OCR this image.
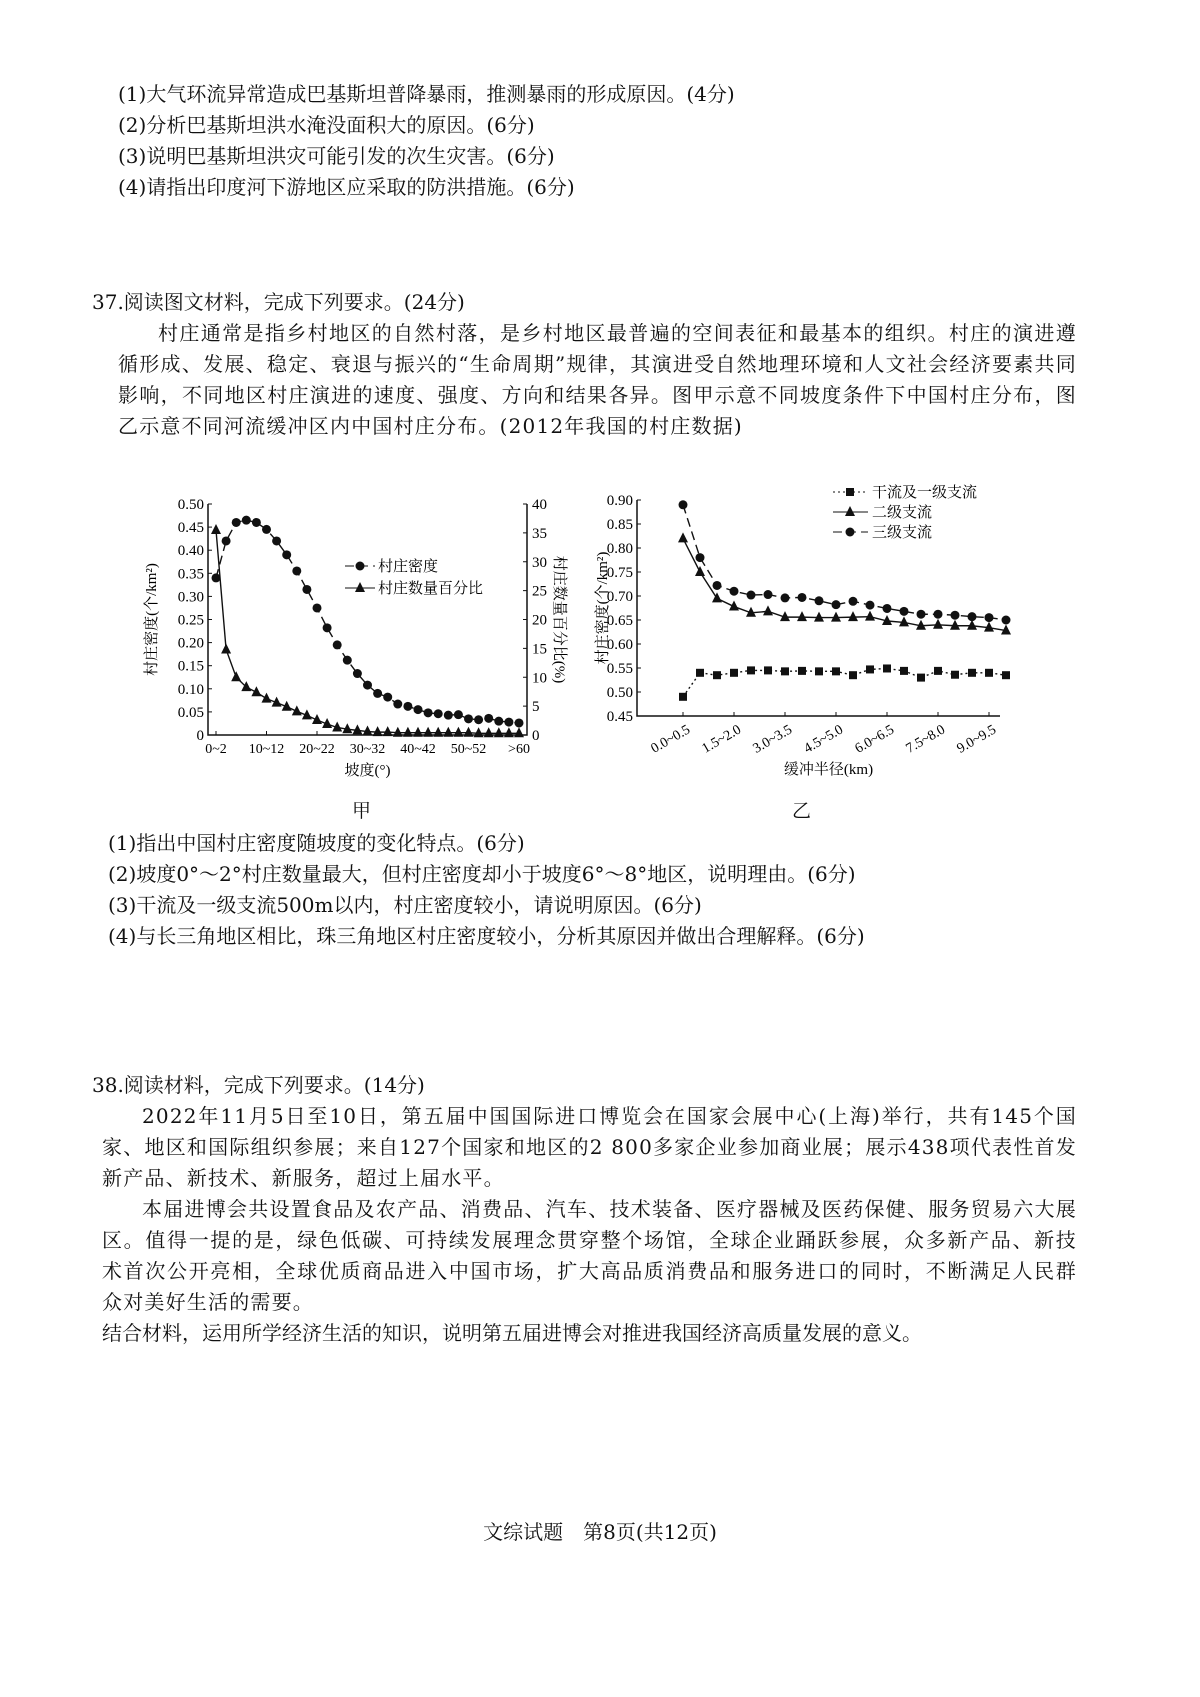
(1)大气环流异常造成巴基斯坦普降暴雨，推测暴雨的形成原因。(4分)
(2)分析巴基斯坦洪水淹没面积大的原因。(6分)
(3)说明巴基斯坦洪灾可能引发的次生灾害。(6分)
(4)请指出印度河下游地区应采取的防洪措施。(6分)
37.阅读图文材料，完成下列要求。(24分)
村庄通常是指乡村地区的自然村落，是乡村地区最普遍的空间表征和最基本的组织。村庄的演进遵循形成、发展、稳定、衰退与振兴的“生命周期”规律，其演进受自然地理环境和人文社会经济要素共同影响，不同地区村庄演进的速度、强度、方向和结果各异。图甲示意不同坡度条件下中国村庄分布，图乙示意不同河流缓冲区内中国村庄分布。(2012年我国的村庄数据)
0
0.05
0.10
0.15
0.20
0.25
0.30
0.35
0.40
0.45
0.50
0
5
10
15
20
25
30
35
40
0~2 10~12 20~22 30~32 40~42 50~52 >60
坡度(°)
村庄密度(个/km²)	村庄数量百分比(%)
村庄密度
村庄数量百分比
0.45
0.50
0.55
0.60
0.65
0.70
0.75
0.80
0.85
0.90
0.0~0.5 1.5~2.0 3.0~3.5 4.5~5.0 6.0~6.5 7.5~8.0 9.0~9.5
缓冲半径(km)
村庄密度(个/km²)
干流及一级支流
二级支流
三级支流
甲	乙
(1)指出中国村庄密度随坡度的变化特点。(6分)
(2)坡度0°～2°村庄数量最大，但村庄密度却小于坡度6°～8°地区，说明理由。(6分)
(3)干流及一级支流500m以内，村庄密度较小，请说明原因。(6分)
(4)与长三角地区相比，珠三角地区村庄密度较小，分析其原因并做出合理解释。(6分)
38.阅读材料，完成下列要求。(14分)
2022年11月5日至10日，第五届中国国际进口博览会在国家会展中心(上海)举行，共有145个国家、地区和国际组织参展；来自127个国家和地区的2 800多家企业参加商业展；展示438项代表性首发新产品、新技术、新服务，超过上届水平。
本届进博会共设置食品及农产品、消费品、汽车、技术装备、医疗器械及医药保健、服务贸易六大展区。值得一提的是，绿色低碳、可持续发展理念贯穿整个场馆，全球企业踊跃参展，众多新产品、新技术首次公开亮相，全球优质商品进入中国市场，扩大高品质消费品和服务进口的同时，不断满足人民群众对美好生活的需要。
结合材料，运用所学经济生活的知识，说明第五届进博会对推进我国经济高质量发展的意义。
文综试题　第8页(共12页)
